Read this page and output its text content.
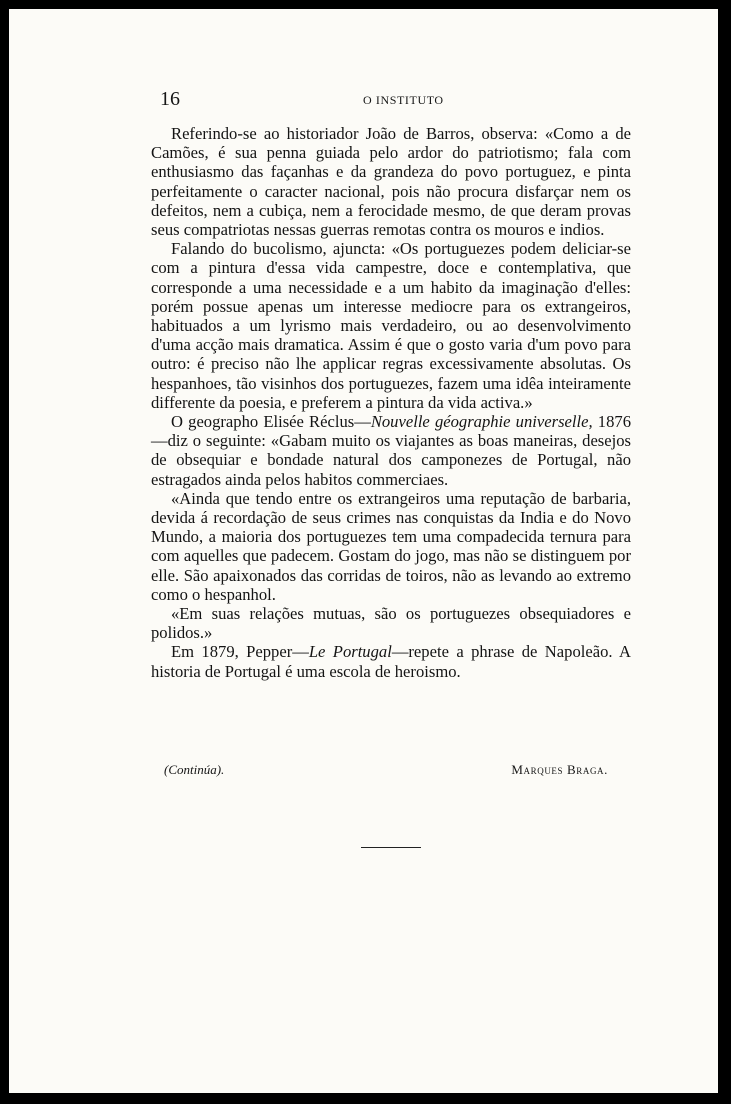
16	O INSTITUTO

Referindo-se ao historiador João de Barros, observa: «Como a de Camões, é sua penna guiada pelo ardor do patriotismo; fala com enthusiasmo das façanhas e da grandeza do povo portuguez, e pinta perfeitamente o caracter nacional, pois não procura disfarçar nem os defeitos, nem a cubiça, nem a ferocidade mesmo, de que deram provas seus compatriotas nessas guerras remotas contra os mouros e indios.

Falando do bucolismo, ajuncta: «Os portuguezes podem deliciar-se com a pintura d'essa vida campestre, doce e contemplativa, que corresponde a uma necessidade e a um habito da imaginação d'elles: porém possue apenas um interesse mediocre para os extrangeiros, habituados a um lyrismo mais verdadeiro, ou ao desenvolvimento d'uma acção mais dramatica. Assim é que o gosto varia d'um povo para outro: é preciso não lhe applicar regras excessivamente absolutas. Os hespanhoes, tão visinhos dos portuguezes, fazem uma idêa inteiramente differente da poesia, e preferem a pintura da vida activa.»

O geographo Elisée Réclus—Nouvelle géographie universelle, 1876—diz o seguinte: «Gabam muito os viajantes as boas maneiras, desejos de obsequiar e bondade natural dos camponezes de Portugal, não estragados ainda pelos habitos commerciaes.

«Ainda que tendo entre os extrangeiros uma reputação de barbaria, devida á recordação de seus crimes nas conquistas da India e do Novo Mundo, a maioria dos portuguezes tem uma compadecida ternura para com aquelles que padecem. Gostam do jogo, mas não se distinguem por elle. São apaixonados das corridas de toiros, não as levando ao extremo como o hespanhol.

«Em suas relações mutuas, são os portuguezes obsequiadores e polidos.»

Em 1879, Pepper—Le Portugal—repete a phrase de Napoleão. A historia de Portugal é uma escola de heroismo.

(Continúa).	Marques Braga.
